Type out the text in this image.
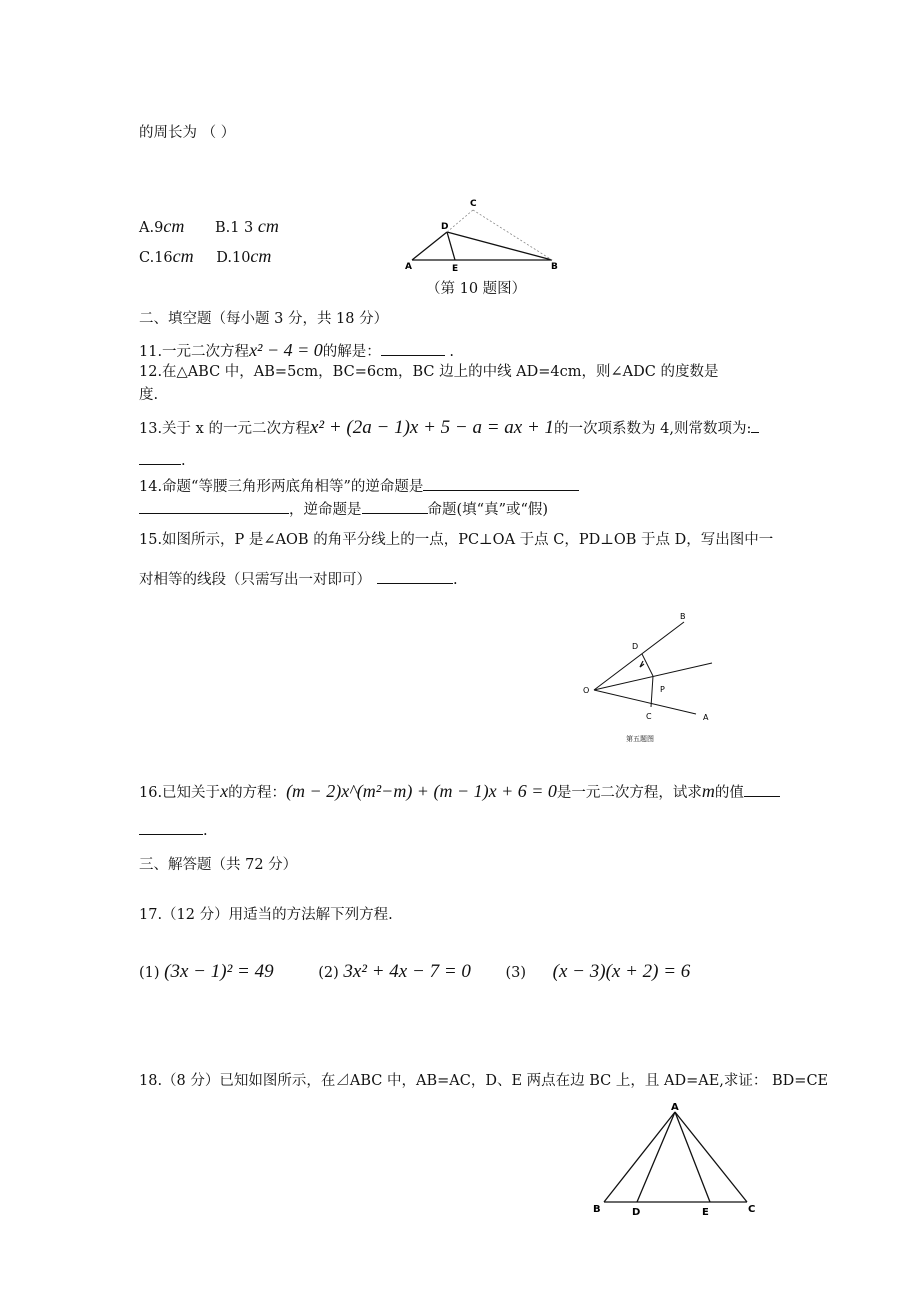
的周长为 （ ）
A.9cm B.1 3 cm
C.16cm D.10cm
C
D
A	E	B
（第 10 题图）
二、填空题（每小题 3 分，共 18 分）
11.一元二次方程x² − 4 = 0的解是：	.
12.在△ABC 中，AB=5cm，BC=6cm，BC 边上的中线 AD=4cm，则∠ADC 的度数是
度.
13.关于 x 的一元二次方程x² + (2a − 1)x + 5 − a = ax + 1的一次项系数为 4,则常数项为:
.
14.命题“等腰三角形两底角相等”的逆命题是
，逆命题是	命题(填“真”或“假)
15.如图所示，P 是∠AOB 的角平分线上的一点，PC⊥OA 于点 C，PD⊥OB 于点 D，写出图中一
对相等的线段（只需写出一对即可）	.
B
D
O	P
C	A
第五题图
16.已知关于x的方程：(m − 2)x^(m²−m) + (m − 1)x + 6 = 0是一元二次方程，试求m的值
.
三、解答题（共 72 分）
17.（12 分）用适当的方法解下列方程.
(1) (3x − 1)² = 49	(2) 3x² + 4x − 7 = 0 (3) (x − 3)(x + 2) = 6
18.（8 分）已知如图所示，在⊿ABC 中，AB=AC，D、E 两点在边 BC 上，且 AD=AE,求证： BD=CE
A
B	D	E	C
